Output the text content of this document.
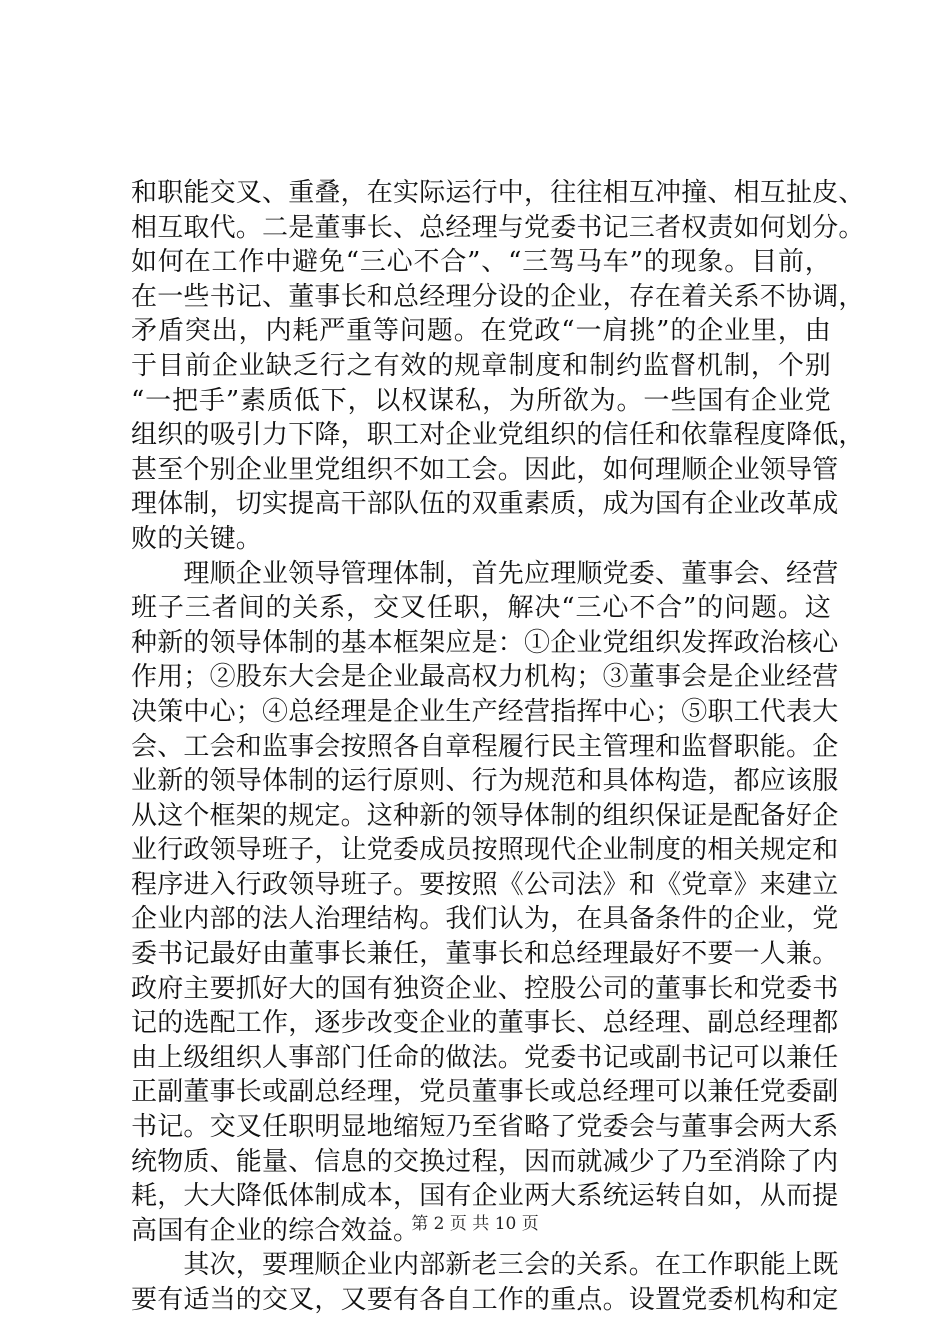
和职能交叉、重叠，在实际运行中，往往相互冲撞、相互扯皮、
相互取代。二是董事长、总经理与党委书记三者权责如何划分。
如何在工作中避免“三心不合”、“三驾马车”的现象。目前，
在一些书记、董事长和总经理分设的企业，存在着关系不协调，
矛盾突出，内耗严重等问题。在党政“一肩挑”的企业里，由
于目前企业缺乏行之有效的规章制度和制约监督机制，个别
“一把手”素质低下，以权谋私，为所欲为。一些国有企业党
组织的吸引力下降，职工对企业党组织的信任和依靠程度降低，
甚至个别企业里党组织不如工会。因此，如何理顺企业领导管
理体制，切实提高干部队伍的双重素质，成为国有企业改革成
败的关键。
　　理顺企业领导管理体制，首先应理顺党委、董事会、经营
班子三者间的关系，交叉任职，解决“三心不合”的问题。这
种新的领导体制的基本框架应是：①企业党组织发挥政治核心
作用；②股东大会是企业最高权力机构；③董事会是企业经营
决策中心；④总经理是企业生产经营指挥中心；⑤职工代表大
会、工会和监事会按照各自章程履行民主管理和监督职能。企
业新的领导体制的运行原则、行为规范和具体构造，都应该服
从这个框架的规定。这种新的领导体制的组织保证是配备好企
业行政领导班子，让党委成员按照现代企业制度的相关规定和
程序进入行政领导班子。要按照《公司法》和《党章》来建立
企业内部的法人治理结构。我们认为，在具备条件的企业，党
委书记最好由董事长兼任，董事长和总经理最好不要一人兼。
政府主要抓好大的国有独资企业、控股公司的董事长和党委书
记的选配工作，逐步改变企业的董事长、总经理、副总经理都
由上级组织人事部门任命的做法。党委书记或副书记可以兼任
正副董事长或副总经理，党员董事长或总经理可以兼任党委副
书记。交叉任职明显地缩短乃至省略了党委会与董事会两大系
统物质、能量、信息的交换过程，因而就减少了乃至消除了内
耗，大大降低体制成本，国有企业两大系统运转自如，从而提
高国有企业的综合效益。
　　其次，要理顺企业内部新老三会的关系。在工作职能上既
要有适当的交叉，又要有各自工作的重点。设置党委机构和定
第 2 页 共 10 页
